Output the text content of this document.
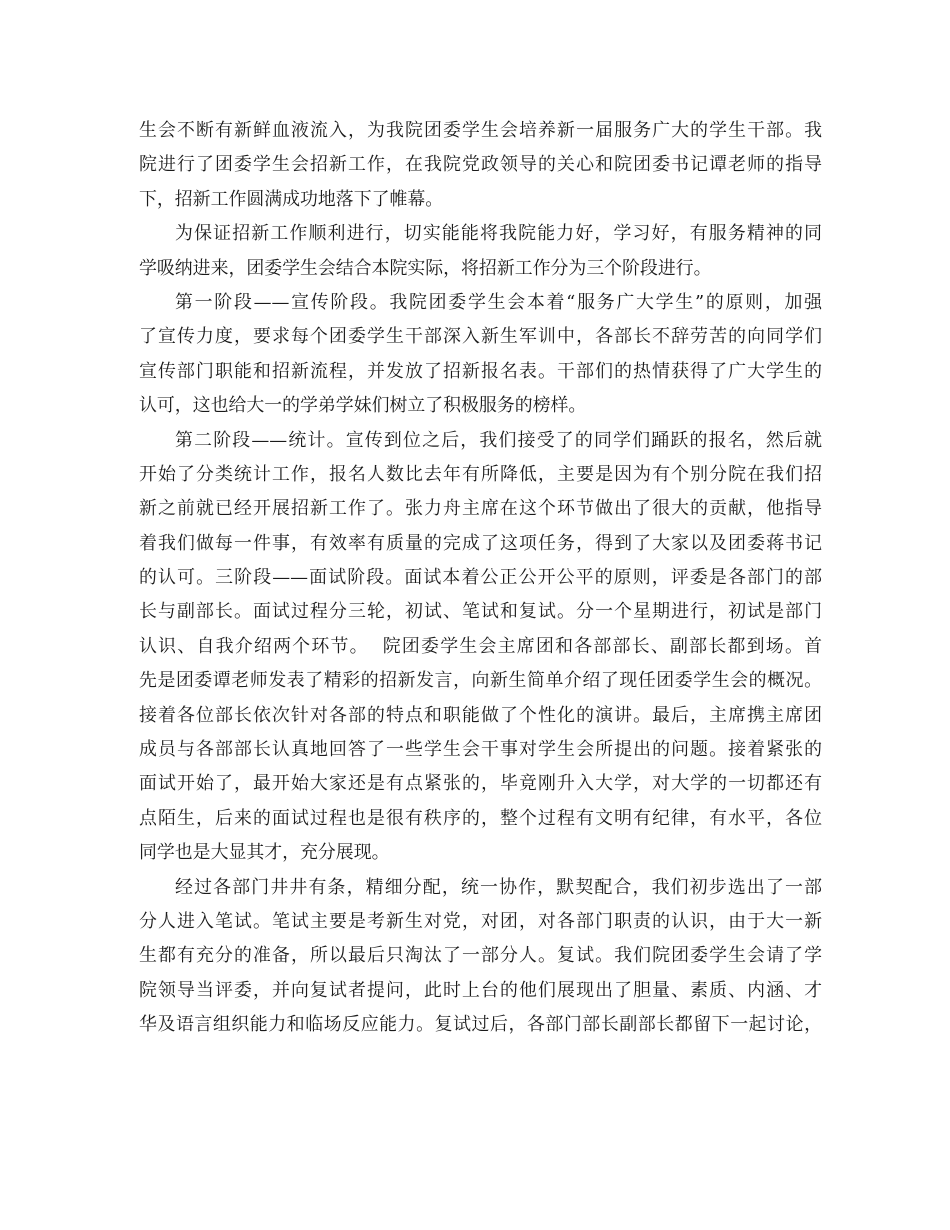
生会不断有新鲜血液流入，为我院团委学生会培养新一届服务广大的学生干部。我
院进行了团委学生会招新工作，在我院党政领导的关心和院团委书记谭老师的指导
下，招新工作圆满成功地落下了帷幕。
为保证招新工作顺利进行，切实能能将我院能力好，学习好，有服务精神的同
学吸纳进来，团委学生会结合本院实际，将招新工作分为三个阶段进行。
第一阶段——宣传阶段。我院团委学生会本着“服务广大学生”的原则，加强
了宣传力度，要求每个团委学生干部深入新生军训中，各部长不辞劳苦的向同学们
宣传部门职能和招新流程，并发放了招新报名表。干部们的热情获得了广大学生的
认可，这也给大一的学弟学妹们树立了积极服务的榜样。
第二阶段——统计。宣传到位之后，我们接受了的同学们踊跃的报名，然后就
开始了分类统计工作，报名人数比去年有所降低，主要是因为有个别分院在我们招
新之前就已经开展招新工作了。张力舟主席在这个环节做出了很大的贡献，他指导
着我们做每一件事，有效率有质量的完成了这项任务，得到了大家以及团委蒋书记
的认可。三阶段——面试阶段。面试本着公正公开公平的原则，评委是各部门的部
长与副部长。面试过程分三轮，初试、笔试和复试。分一个星期进行，初试是部门
认识、自我介绍两个环节。  院团委学生会主席团和各部部长、副部长都到场。首
先是团委谭老师发表了精彩的招新发言，向新生简单介绍了现任团委学生会的概况。
接着各位部长依次针对各部的特点和职能做了个性化的演讲。最后，主席携主席团
成员与各部部长认真地回答了一些学生会干事对学生会所提出的问题。接着紧张的
面试开始了，最开始大家还是有点紧张的，毕竟刚升入大学，对大学的一切都还有
点陌生，后来的面试过程也是很有秩序的，整个过程有文明有纪律，有水平，各位
同学也是大显其才，充分展现。
经过各部门井井有条，精细分配，统一协作，默契配合，我们初步选出了一部
分人进入笔试。笔试主要是考新生对党，对团，对各部门职责的认识，由于大一新
生都有充分的准备，所以最后只淘汰了一部分人。复试。我们院团委学生会请了学
院领导当评委，并向复试者提问，此时上台的他们展现出了胆量、素质、内涵、才
华及语言组织能力和临场反应能力。复试过后，各部门部长副部长都留下一起讨论，
